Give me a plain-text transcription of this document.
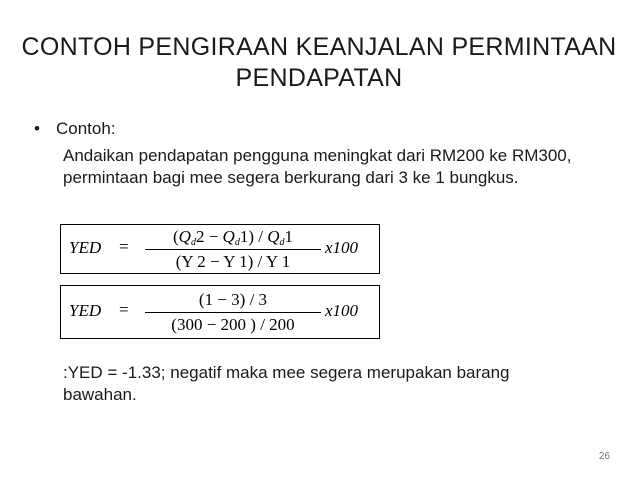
CONTOH PENGIRAAN KEANJALAN PERMINTAAN PENDAPATAN
• Contoh:
Andaikan pendapatan pengguna meningkat dari RM200 ke RM300, permintaan bagi mee segera berkurang dari 3 ke 1 bungkus.
YED =
$(Q_d2 - Q_d1) / Q_d1$
(Y 2 − Y 1) / Y 1
x100
YED =
(1 − 3) / 3
(300 − 200 ) / 200
x100
:YED = -1.33; negatif maka mee segera merupakan barang bawahan.
26
